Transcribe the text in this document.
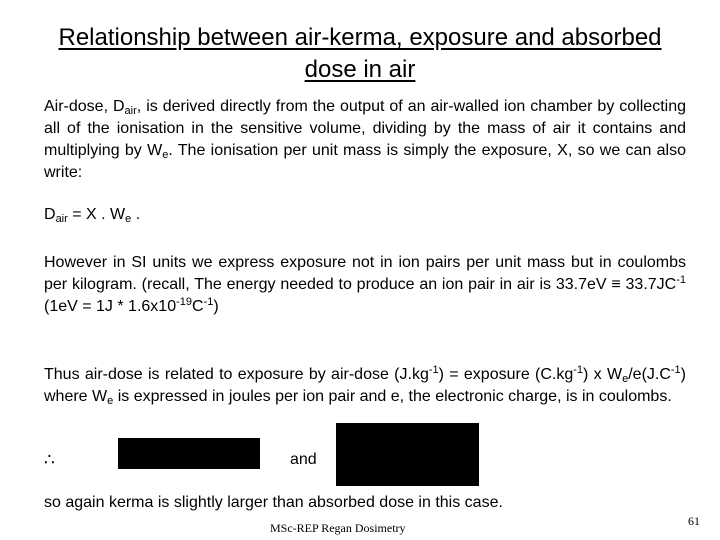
Relationship between air-kerma, exposure and absorbed dose in air
Air-dose, $D_{air}$, is derived directly from the output of an air-walled ion chamber by collecting all of the ionisation in the sensitive volume, dividing by the mass of air it contains and multiplying by $W_e$. The ionisation per unit mass is simply the exposure, X, so we can also write:
$D_{air} = X$ . $W_e$ .
However in SI units we express exposure not in ion pairs per unit mass but in coulombs per kilogram. (recall, The energy needed to produce an ion pair in air is $33.7eV \equiv 33.7JC^{-1}$ $(1eV = 1J * 1.6x10^{-19}C^{-1})$
Thus air-dose is related to exposure by air-dose $(J.kg^{-1})$ = exposure $(C.kg^{-1})$ x $W_e/e(J.C^{-1})$ where $W_e$ is expressed in joules per ion pair and e, the electronic charge, is in coulombs.
∴	and
so again kerma is slightly larger than absorbed dose in this case.
MSc-REP Regan Dosimetry	61
